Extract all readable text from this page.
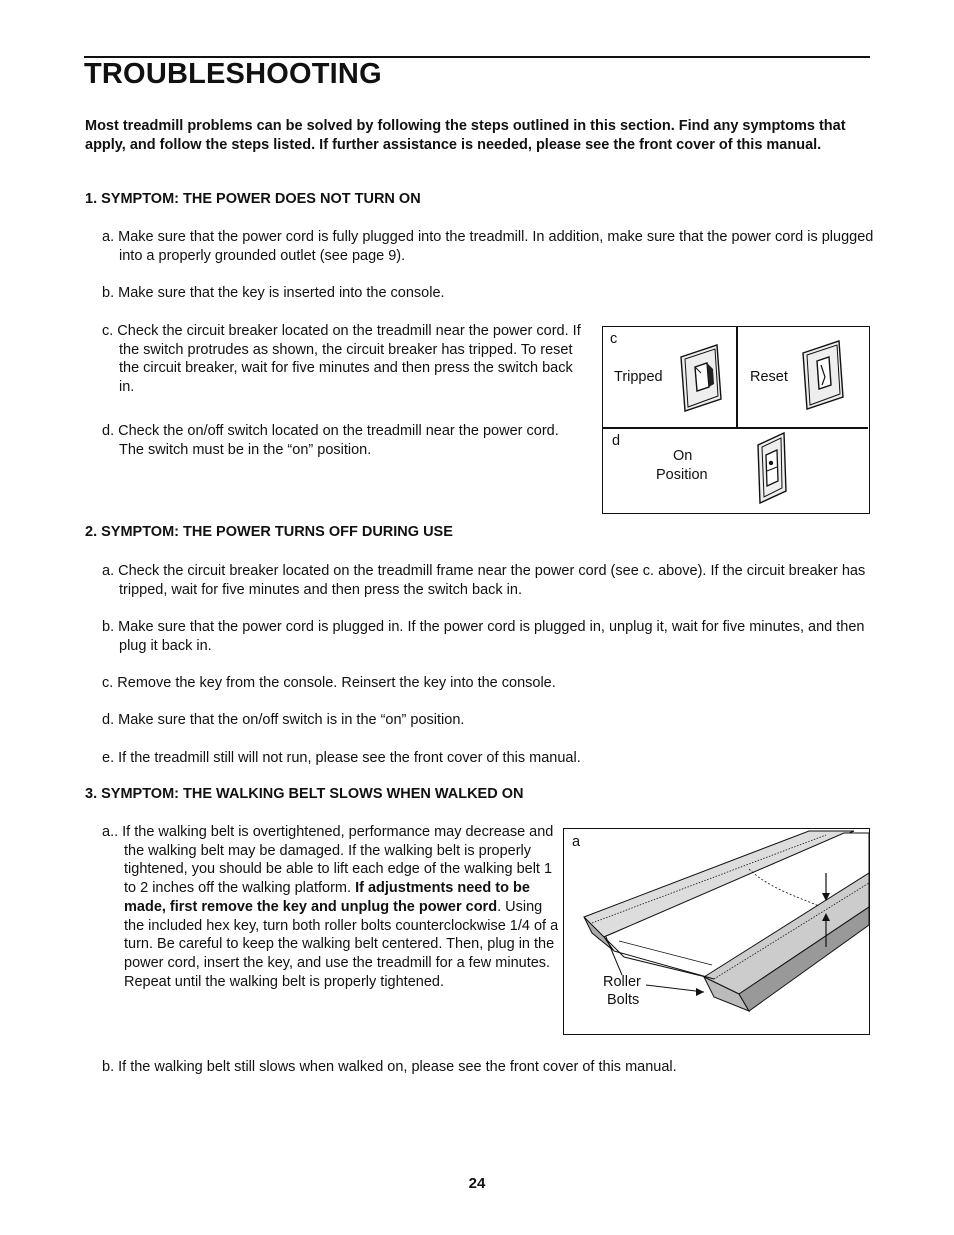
TROUBLESHOOTING
Most treadmill problems can be solved by following the steps outlined in this section. Find any symptoms that apply, and follow the steps listed. If further assistance is needed, please see the front cover of this manual.
1. SYMPTOM: THE POWER DOES NOT TURN ON
a. Make sure that the power cord is fully plugged into the treadmill. In addition, make sure that the power cord is plugged into a properly grounded outlet (see page 9).
b. Make sure that the key is inserted into the console.
c. Check the circuit breaker located on the treadmill near the power cord. If the switch protrudes as shown, the circuit breaker has tripped. To reset the circuit breaker, wait for five minutes and then press the switch back in.
d. Check the on/off switch located on the treadmill near the power cord. The switch must be in the “on” position.
c
Tripped	Reset
d
On
Position
2. SYMPTOM: THE POWER TURNS OFF DURING USE
a. Check the circuit breaker located on the treadmill frame near the power cord (see c. above). If the circuit breaker has tripped, wait for five minutes and then press the switch back in.
b. Make sure that the power cord is plugged in. If the power cord is plugged in, unplug it, wait for five minutes, and then plug it back in.
c. Remove the key from the console. Reinsert the key into the console.
d. Make sure that the on/off switch is in the “on” position.
e. If the treadmill still will not run, please see the front cover of this manual.
3. SYMPTOM: THE WALKING BELT SLOWS WHEN WALKED ON
a.. If the walking belt is overtightened, performance may decrease and the walking belt may be damaged. If the walking belt is properly tightened, you should be able to lift each edge of the walking belt 1 to 2 inches off the walking platform. If adjustments need to be made, first remove the key and unplug the power cord. Using the included hex key, turn both roller bolts counterclockwise 1/4 of a turn. Be careful to keep the walking belt centered. Then, plug in the power cord, insert the key, and use the treadmill for a few minutes. Repeat until the walking belt is properly tightened.
a
Roller
Bolts
b. If the walking belt still slows when walked on, please see the front cover of this manual.
24
